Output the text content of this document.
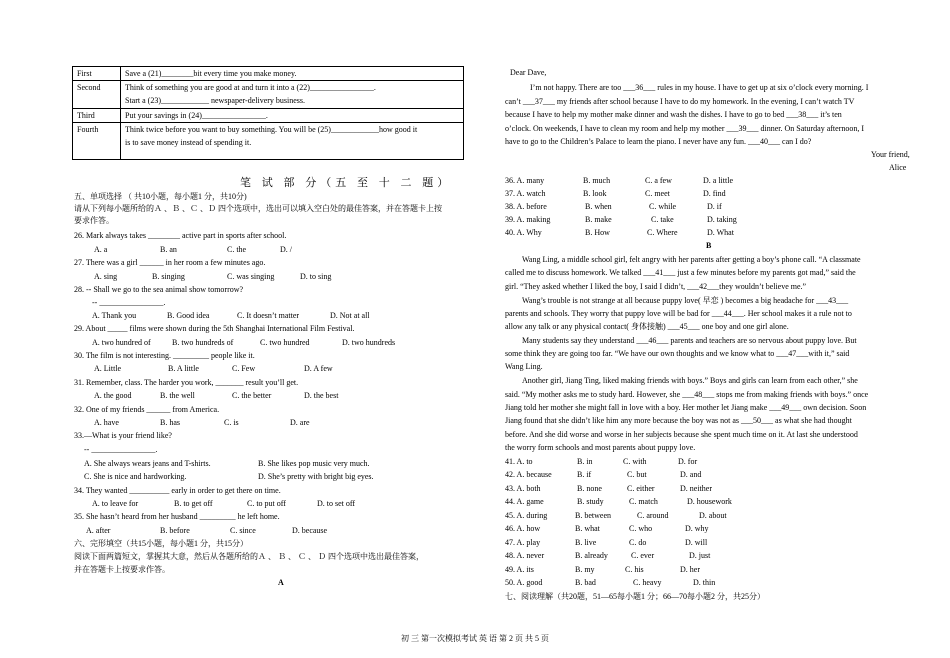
First	Save a (21)________bit every time you make money.

Second	Think of something you are good at and turn it into a (22)________________.
Start a (23)____________ newspaper-delivery business.

Third	Put your savings in (24)________________.

Fourth	Think twice before you want to buy something. You will be (25)____________how good it
is to save money instead of spending it.
笔 试 部 分（五 至 十 二 题）
五、单项选择 （ 共10小题，每小题1 分，共10分)
请从下列每小题所给的Ａ 、Ｂ 、Ｃ 、Ｄ 四个选项中，选出可以填入空白处的最佳答案，并在答题卡上按
要求作答。
26. Mark always takes ________ active part in sports after school.
A. a	B. an	C. the	D. /
27. There was a girl ______ in her room a few minutes ago.
A. sing	B. singing	C. was singing	D. to sing
28. -- Shall we go to the sea animal show tomorrow?
-- ________________.
A. Thank you	B. Good idea	C. It doesn’t matter	D. Not at all
29. About _____ films were shown during the 5th Shanghai International Film Festival.
A. two hundred of	B. two hundreds of	C. two hundred	D. two hundreds
30. The film is not interesting. _________ people like it.
A. Little	B. A little	C. Few	D. A few
31. Remember, class. The harder you work, _______ result you’ll get.
A. the good	B. the well	C. the better	D. the best
32. One of my friends ______ from America.
A. have	B. has	C. is	D. are
33.—What is your friend like?
-- ________________.
A. She always wears jeans and T-shirts.	B. She likes pop music very much.
C. She is nice and hardworking.	D. She’s pretty with bright big eyes.
34. They wanted __________ early in order to get there on time.
A. to leave for	B. to get off	C. to put off	D. to set off
35. She hasn’t heard from her husband _________ he left home.
A. after	B. before	C. since	D. because
六、完形填空（共15小题，每小题1 分，共15分）
阅读下面两篇短文，掌握其大意，然后从各题所给的Ａ 、 Ｂ 、 Ｃ 、 Ｄ 四个选项中选出最佳答案，
并在答题卡上按要求作答。
A
Dear Dave,
I’m not happy. There are too ___36___ rules in my house. I have to get up at six o’clock every morning. I
can’t ___37___ my friends after school because I have to do my homework. In the evening, I can’t watch TV
because I have to help my mother make dinner and wash the dishes. I have to go to bed ___38___ it’s ten
o’clock. On weekends, I have to clean my room and help my mother ___39___ dinner. On Saturday afternoon, I
have to go to the Children’s Palace to learn the piano. I never have any fun. ___40___ can I do?
Your friend,
Alice
36. A. many	B. much	C. a few	D. a little
37. A. watch	B. look	C. meet	D. find
38. A. before	B. when	C. while	D. if
39. A. making	B. make	C. take	D. taking
40. A. Why	B. How	C. Where	D. What
B
Wang Ling, a middle school girl, felt angry with her parents after getting a boy’s phone call. “A classmate
called me to discuss homework. We talked ___41___ just a few minutes before my parents got mad,” said the
girl. “They asked whether I liked the boy, I said I didn’t, ___42___they wouldn’t believe me.”
Wang’s trouble is not strange at all because puppy love( 早恋 ) becomes a big headache for ___43___
parents and schools. They worry that puppy love will be bad for ___44___. Her school makes it a rule not to
allow any talk or any physical contact( 身体接触) ___45___ one boy and one girl alone.
Many students say they understand ___46___ parents and teachers are so nervous about puppy love. But
some think they are going too far. “We have our own thoughts and we know what to ___47___with it,” said
Wang Ling.
Another girl, Jiang Ting, liked making friends with boys.” Boys and girls can learn from each other,” she
said. “My mother asks me to study hard. However, she ___48___ stops me from making friends with boys.” once
Jiang told her mother she might fall in love with a boy. Her mother let Jiang make ___49___ own decision. Soon
Jiang found that she didn’t like him any more because the boy was not as ___50___ as what she had thought
before. And she did worse and worse in her subjects because she spent much time on it. At last she understood
the worry form schools and most parents about puppy love.
41. A. to	B. in	C. with	D. for
42. A. because	B. if	C. but	D. and
43. A. both	B. none	C. either	D. neither
44. A. game	B. study	C. match	D. housework
45. A. during	B. between	C. around	D. about
46. A. how	B. what	C. who	D. why
47. A. play	B. live	C. do	D. will
48. A. never	B. already	C. ever	D. just
49. A. its	B. my	C. his	D. her
50. A. good	B. bad	C. heavy	D. thin
七、阅读理解（共20题，51—65每小题1 分；66—70每小题2 分，共25分）
初 三 第一次模拟考试 英 语 第 2 页 共 5 页
